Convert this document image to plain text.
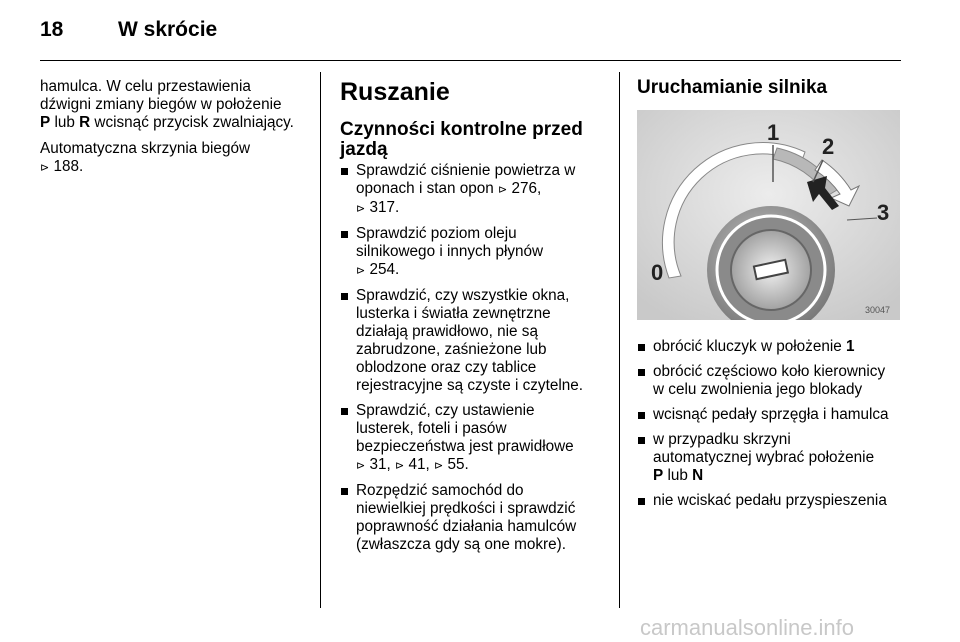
18	W skrócie

hamulca. W celu przestawienia
dźwigni zmiany biegów w położenie
P lub R wcisnąć przycisk zwalniający.

Automatyczna skrzynia biegów
⊳ 188.

Ruszanie
Czynności kontrolne przed
jazdą
Sprawdzić ciśnienie powietrza w
oponach i stan opon ⊳ 276,
⊳ 317.
Sprawdzić poziom oleju
silnikowego i innych płynów
⊳ 254.
Sprawdzić, czy wszystkie okna,
lusterka i światła zewnętrzne
działają prawidłowo, nie są
zabrudzone, zaśnieżone lub
oblodzone oraz czy tablice
rejestracyjne są czyste i czytelne.
Sprawdzić, czy ustawienie
lusterek, foteli i pasów
bezpieczeństwa jest prawidłowe
⊳ 31, ⊳ 41, ⊳ 55.
Rozpędzić samochód do
niewielkiej prędkości i sprawdzić
poprawność działania hamulców
(zwłaszcza gdy są one mokre).
Uruchamianie silnika
0
1
2
3
30047
obrócić kluczyk w położenie 1
obrócić częściowo koło kierownicy
w celu zwolnienia jego blokady
wcisnąć pedały sprzęgła i hamulca
w przypadku skrzyni
automatycznej wybrać położenie
P lub N
nie wciskać pedału przyspieszenia
carmanualsonline.info
